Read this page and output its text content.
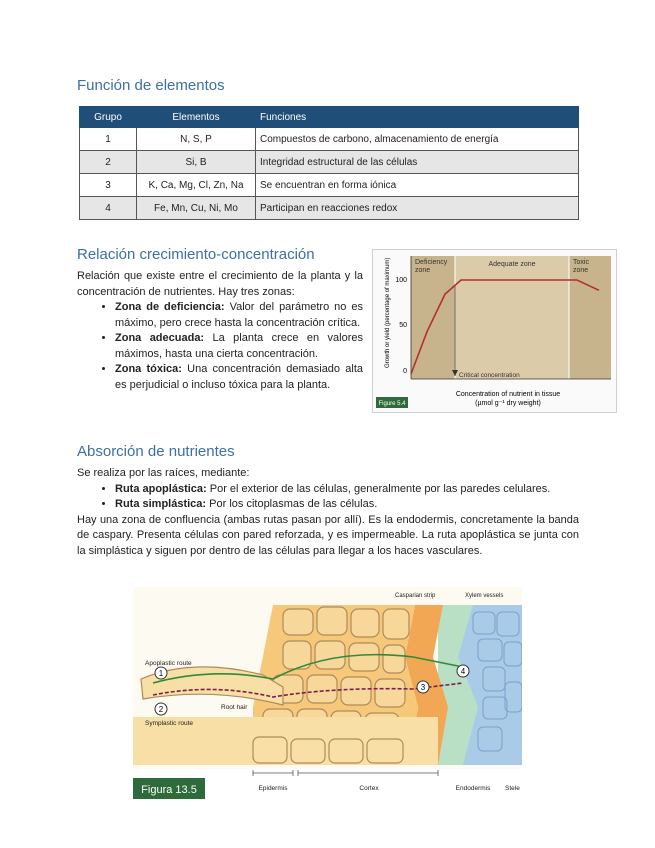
Función de elementos
Grupo	Elementos	Funciones
1	N, S, P	Compuestos de carbono, almacenamiento de energía
2	Si, B	Integridad estructural de las células
3	K, Ca, Mg, Cl, Zn, Na	Se encuentran en forma iónica
4	Fe, Mn, Cu, Ni, Mo	Participan en reacciones redox
Relación crecimiento-concentración

Relación que existe entre el crecimiento de la planta y la concentración de nutrientes. Hay tres zonas:

• Zona de deficiencia: Valor del parámetro no es máximo, pero crece hasta la concentración crítica.
• Zona adecuada: La planta crece en valores máximos, hasta una cierta concentración.
• Zona tóxica: Una concentración demasiado alta es perjudicial o incluso tóxica para la planta.
Deficiency zone
Adequate zone	Toxic zone
100
50
0
Growth or yield (percentage of maximum)
Critical concentration
Concentration of nutrient in tissue
(µmol g⁻¹ dry weight)
Figure 5.4
Absorción de nutrientes

Se realiza por las raíces, mediante:

• Ruta apoplástica: Por el exterior de las células, generalmente por las paredes celulares.
• Ruta simplástica: Por los citoplasmas de las células.

Hay una zona de confluencia (ambas rutas pasan por allí). Es la endodermis, concretamente la banda de caspary. Presenta células con pared reforzada, y es impermeable. La ruta apoplástica se junta con la simplástica y siguen por dentro de las células para llegar a los haces vasculares.

1
2
3
4
Apoplastic route
Symplastic route
Root hair
Casparian strip	Xylem vessels
Epidermis	Cortex	Endodermis Stele
Figura 13.5
